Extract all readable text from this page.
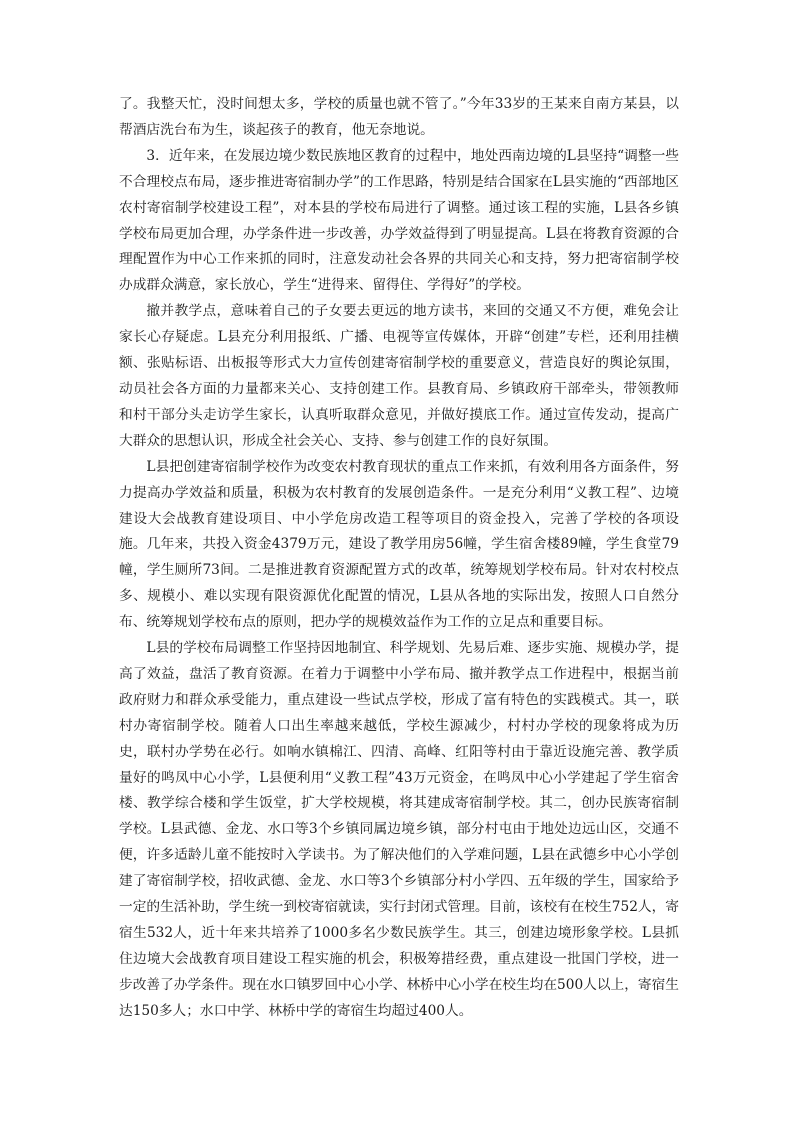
了。我整天忙，没时间想太多，学校的质量也就不管了。”今年33岁的王某来自南方某县，以帮酒店洗台布为生，谈起孩子的教育，他无奈地说。

3．近年来，在发展边境少数民族地区教育的过程中，地处西南边境的L县坚持“调整一些不合理校点布局，逐步推进寄宿制办学”的工作思路，特别是结合国家在L县实施的“西部地区农村寄宿制学校建设工程”，对本县的学校布局进行了调整。通过该工程的实施，L县各乡镇学校布局更加合理，办学条件进一步改善，办学效益得到了明显提高。L县在将教育资源的合理配置作为中心工作来抓的同时，注意发动社会各界的共同关心和支持，努力把寄宿制学校办成群众满意，家长放心，学生“进得来、留得住、学得好”的学校。

撤并教学点，意味着自己的子女要去更远的地方读书，来回的交通又不方便，难免会让家长心存疑虑。L县充分利用报纸、广播、电视等宣传媒体，开辟“创建”专栏，还利用挂横额、张贴标语、出板报等形式大力宣传创建寄宿制学校的重要意义，营造良好的舆论氛围，动员社会各方面的力量都来关心、支持创建工作。县教育局、乡镇政府干部牵头，带领教师和村干部分头走访学生家长，认真听取群众意见，并做好摸底工作。通过宣传发动，提高广大群众的思想认识，形成全社会关心、支持、参与创建工作的良好氛围。

L县把创建寄宿制学校作为改变农村教育现状的重点工作来抓，有效利用各方面条件，努力提高办学效益和质量，积极为农村教育的发展创造条件。一是充分利用“义教工程”、边境建设大会战教育建设项目、中小学危房改造工程等项目的资金投入，完善了学校的各项设施。几年来，共投入资金4379万元，建设了教学用房56幢，学生宿舍楼89幢，学生食堂79幢，学生厕所73间。二是推进教育资源配置方式的改革，统筹规划学校布局。针对农村校点多、规模小、难以实现有限资源优化配置的情况，L县从各地的实际出发，按照人口自然分布、统筹规划学校布点的原则，把办学的规模效益作为工作的立足点和重要目标。

L县的学校布局调整工作坚持因地制宜、科学规划、先易后难、逐步实施、规模办学，提高了效益，盘活了教育资源。在着力于调整中小学布局、撤并教学点工作进程中，根据当前政府财力和群众承受能力，重点建设一些试点学校，形成了富有特色的实践模式。其一，联村办寄宿制学校。随着人口出生率越来越低，学校生源减少，村村办学校的现象将成为历史，联村办学势在必行。如响水镇棉江、四清、高峰、红阳等村由于靠近设施完善、教学质量好的鸣凤中心小学，L县便利用“义教工程”43万元资金，在鸣凤中心小学建起了学生宿舍楼、教学综合楼和学生饭堂，扩大学校规模，将其建成寄宿制学校。其二，创办民族寄宿制学校。L县武德、金龙、水口等3个乡镇同属边境乡镇，部分村屯由于地处边远山区，交通不便，许多适龄儿童不能按时入学读书。为了解决他们的入学难问题，L县在武德乡中心小学创建了寄宿制学校，招收武德、金龙、水口等3个乡镇部分村小学四、五年级的学生，国家给予一定的生活补助，学生统一到校寄宿就读，实行封闭式管理。目前，该校有在校生752人，寄宿生532人，近十年来共培养了1000多名少数民族学生。其三，创建边境形象学校。L县抓住边境大会战教育项目建设工程实施的机会，积极筹措经费，重点建设一批国门学校，进一步改善了办学条件。现在水口镇罗回中心小学、林桥中心小学在校生均在500人以上，寄宿生达150多人；水口中学、林桥中学的寄宿生均超过400人。
